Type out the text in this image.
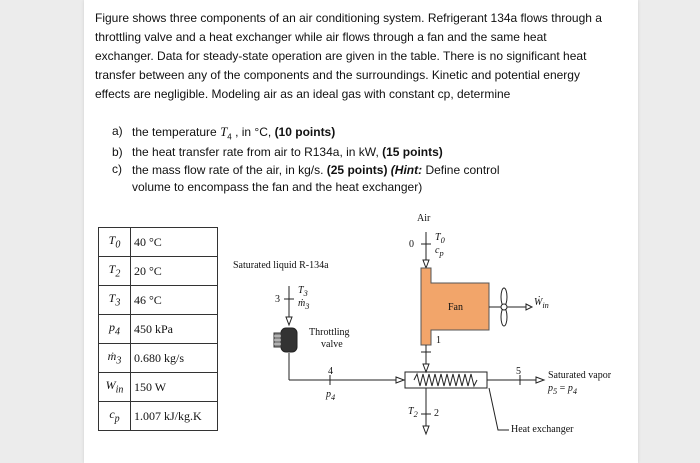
Figure shows three components of an air conditioning system. Refrigerant 134a flows through a throttling valve and a heat exchanger while air flows through a fan and the same heat exchanger. Data for steady-state operation are given in the table. There is no significant heat transfer between any of the components and the surroundings. Kinetic and potential energy effects are negligible. Modeling air as an ideal gas with constant cp, determine

a) the temperature $T_4$ , in °C, (10 points)
b) the heat transfer rate from air to R134a, in kW, (15 points)
c) the mass flow rate of the air, in kg/s. (25 points) (Hint: Define control volume to encompass the fan and the heat exchanger)
$T_0$	40 °C
$T_2$	20 °C
$T_3$	46 °C
$p_4$	450 kPa
ṁ$_3$	0.680 kg/s
$W_{in}$	150 W
$c_p$	1.007 kJ/kg.K
Air
0
$T_0$
$c_p$
Saturated liquid R-134a
3
$T_3$
ṁ$_3$
Throttling
valve
Fan	Ẇ$_{in}$
1
4
$p_4$
5	Saturated vapor
$p_5 = p_4$
$T_2$ 2
Heat exchanger
